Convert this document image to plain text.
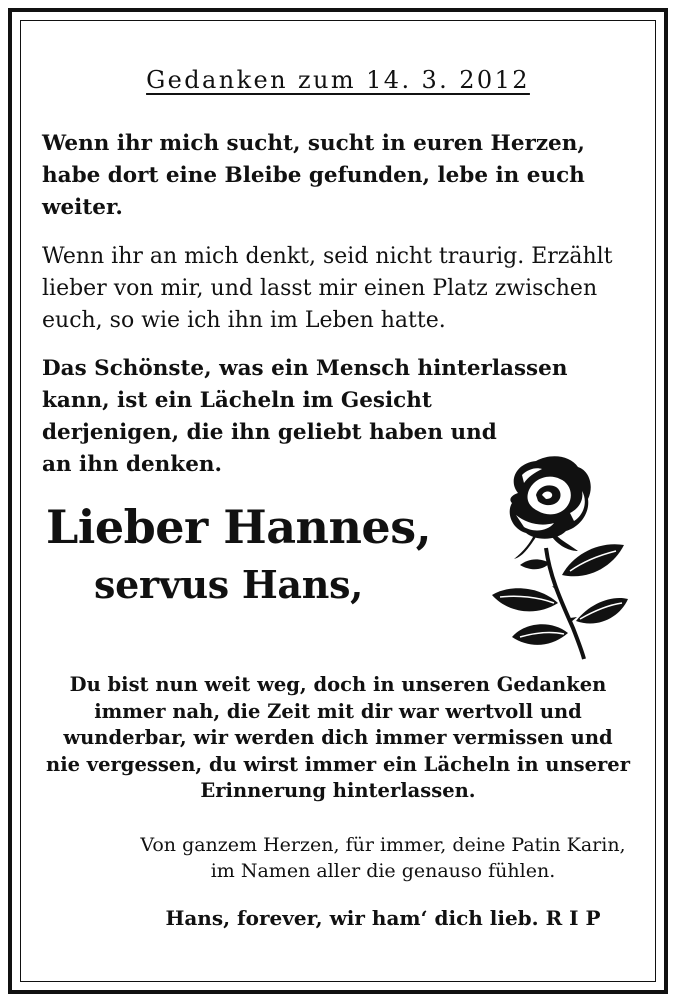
Gedanken zum 14. 3. 2012
Wenn ihr mich sucht, sucht in euren Herzen,
habe dort eine Bleibe gefunden, lebe in euch
weiter.
Wenn ihr an mich denkt, seid nicht traurig. Erzählt
lieber von mir, und lasst mir einen Platz zwischen
euch, so wie ich ihn im Leben hatte.
Das Schönste, was ein Mensch hinterlassen
kann, ist ein Lächeln im Gesicht
derjenigen, die ihn geliebt haben und
an ihn denken.
Lieber Hannes,
servus Hans,
Du bist nun weit weg, doch in unseren Gedanken
immer nah, die Zeit mit dir war wertvoll und
wunderbar, wir werden dich immer vermissen und
nie vergessen, du wirst immer ein Lächeln in unserer
Erinnerung hinterlassen.
Von ganzem Herzen, für immer, deine Patin Karin,
im Namen aller die genauso fühlen.
Hans, forever, wir ham‘ dich lieb. R I P
